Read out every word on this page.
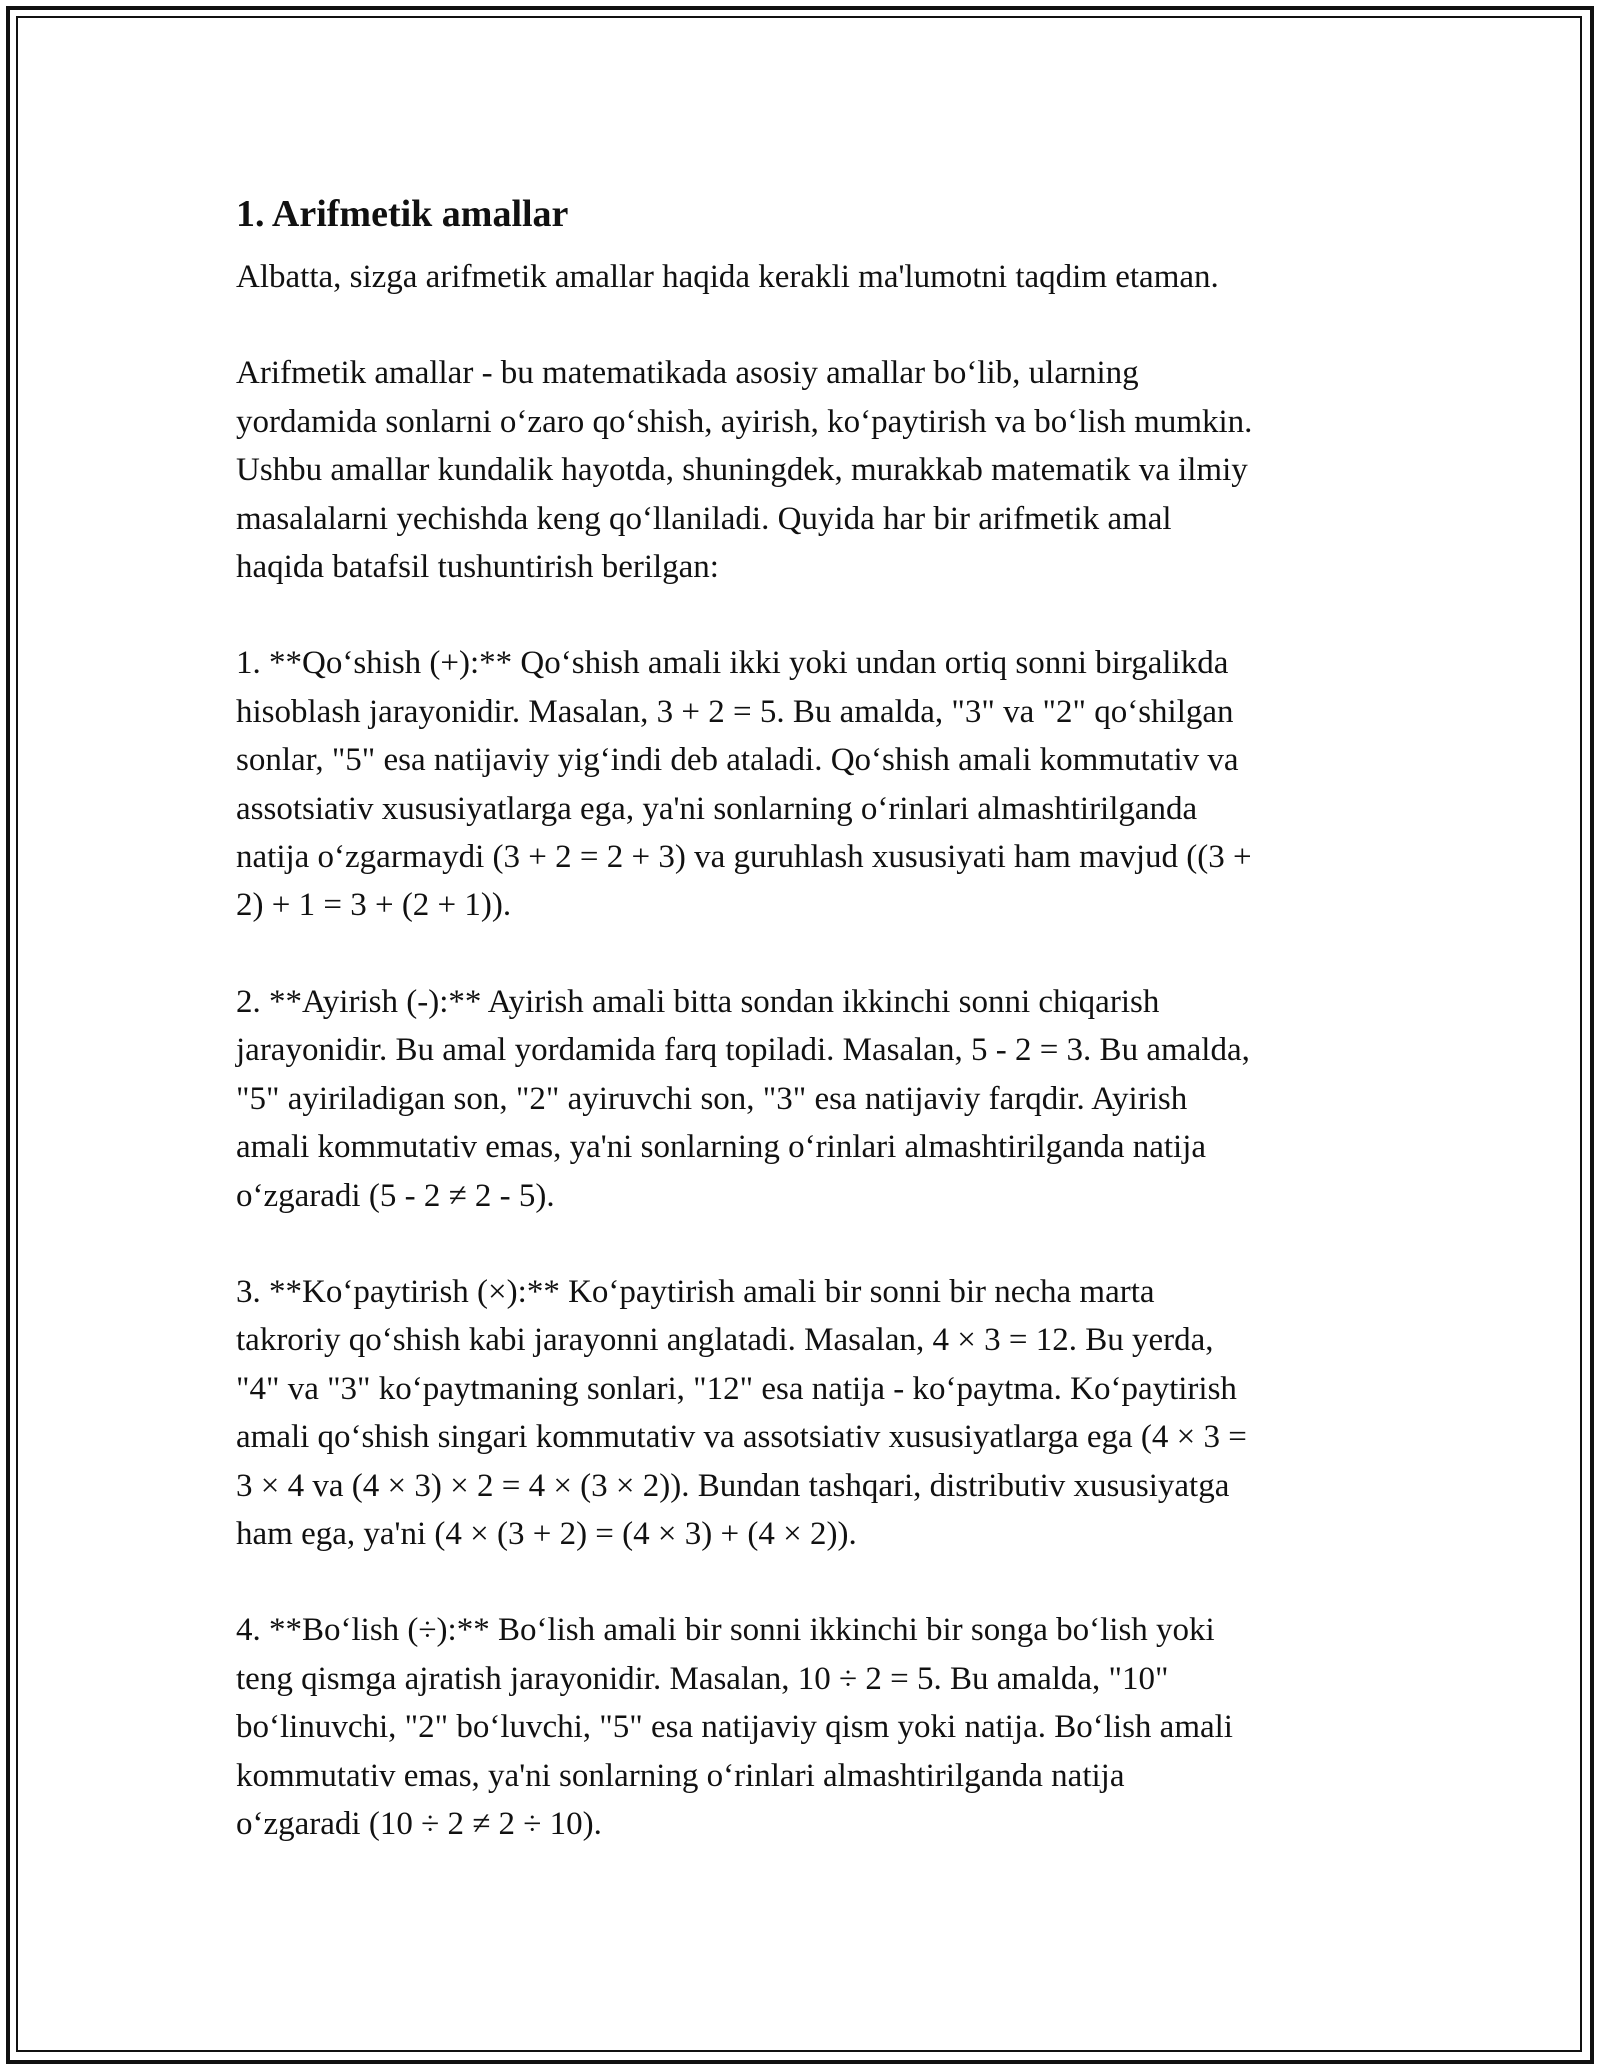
1. Arifmetik amallar

Albatta, sizga arifmetik amallar haqida kerakli ma'lumotni taqdim etaman.

Arifmetik amallar - bu matematikada asosiy amallar bo‘lib, ularning
yordamida sonlarni o‘zaro qo‘shish, ayirish, ko‘paytirish va bo‘lish mumkin.
Ushbu amallar kundalik hayotda, shuningdek, murakkab matematik va ilmiy
masalalarni yechishda keng qo‘llaniladi. Quyida har bir arifmetik amal
haqida batafsil tushuntirish berilgan:

1. **Qo‘shish (+):** Qo‘shish amali ikki yoki undan ortiq sonni birgalikda
hisoblash jarayonidir. Masalan, 3 + 2 = 5. Bu amalda, "3" va "2" qo‘shilgan
sonlar, "5" esa natijaviy yig‘indi deb ataladi. Qo‘shish amali kommutativ va
assotsiativ xususiyatlarga ega, ya'ni sonlarning o‘rinlari almashtirilganda
natija o‘zgarmaydi (3 + 2 = 2 + 3) va guruhlash xususiyati ham mavjud ((3 +
2) + 1 = 3 + (2 + 1)).

2. **Ayirish (-):** Ayirish amali bitta sondan ikkinchi sonni chiqarish
jarayonidir. Bu amal yordamida farq topiladi. Masalan, 5 - 2 = 3. Bu amalda,
"5" ayiriladigan son, "2" ayiruvchi son, "3" esa natijaviy farqdir. Ayirish
amali kommutativ emas, ya'ni sonlarning o‘rinlari almashtirilganda natija
o‘zgaradi (5 - 2 ≠ 2 - 5).

3. **Ko‘paytirish (×):** Ko‘paytirish amali bir sonni bir necha marta
takroriy qo‘shish kabi jarayonni anglatadi. Masalan, 4 × 3 = 12. Bu yerda,
"4" va "3" ko‘paytmaning sonlari, "12" esa natija - ko‘paytma. Ko‘paytirish
amali qo‘shish singari kommutativ va assotsiativ xususiyatlarga ega (4 × 3 =
3 × 4 va (4 × 3) × 2 = 4 × (3 × 2)). Bundan tashqari, distributiv xususiyatga
ham ega, ya'ni (4 × (3 + 2) = (4 × 3) + (4 × 2)).

4. **Bo‘lish (÷):** Bo‘lish amali bir sonni ikkinchi bir songa bo‘lish yoki
teng qismga ajratish jarayonidir. Masalan, 10 ÷ 2 = 5. Bu amalda, "10"
bo‘linuvchi, "2" bo‘luvchi, "5" esa natijaviy qism yoki natija. Bo‘lish amali
kommutativ emas, ya'ni sonlarning o‘rinlari almashtirilganda natija
o‘zgaradi (10 ÷ 2 ≠ 2 ÷ 10).
